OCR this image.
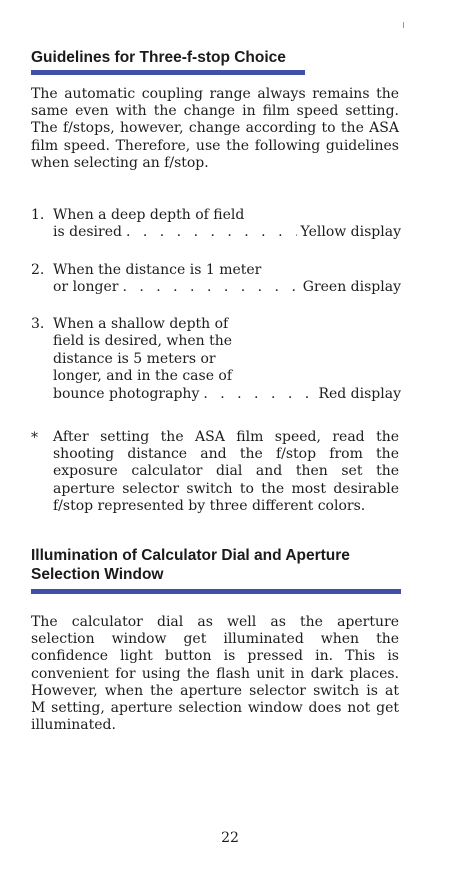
Guidelines for Three-f-stop Choice
The automatic coupling range always remains the same even with the change in film speed setting. The f/stops, however, change according to the ASA film speed. Therefore, use the following guidelines when selecting an f/stop.
1. When a deep depth of field
is desired . . .	Yellow display
2. When the distance is 1 meter
or longer . . .	Green display
3. When a shallow depth of
field is desired, when the
distance is 5 meters or
longer, and in the case of
bounce photography . . .	Red display
* After setting the ASA film speed, read the shooting distance and the f/stop from the exposure calculator dial and then set the aperture selector switch to the most desirable f/stop represented by three different colors.
Illumination of Calculator Dial and Aperture
Selection Window
The calculator dial as well as the aperture selection window get illuminated when the confidence light button is pressed in. This is convenient for using the flash unit in dark places. However, when the aperture selector switch is at M setting, aperture selection window does not get illuminated.
22
